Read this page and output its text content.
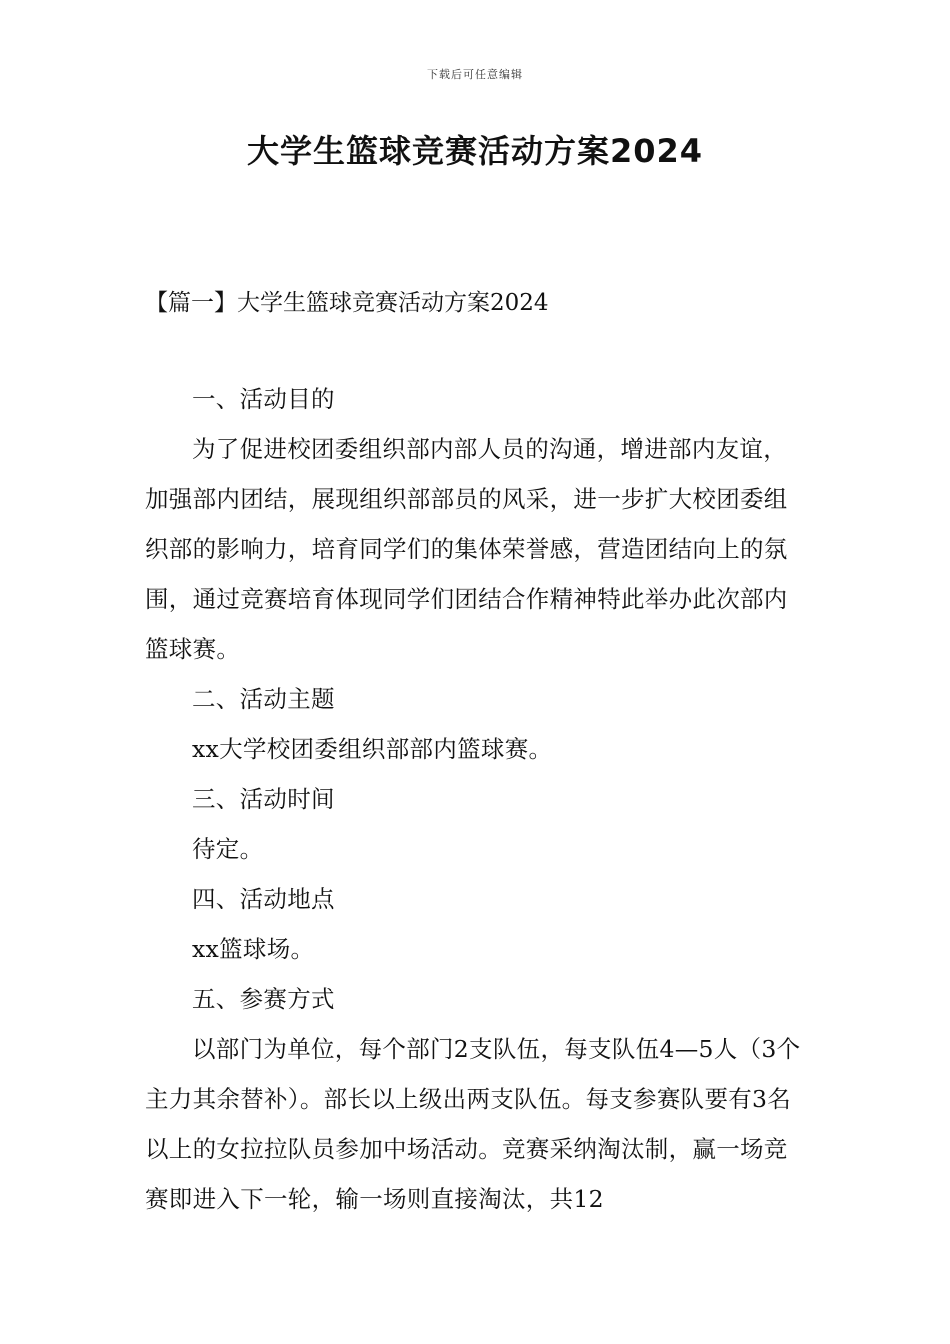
下载后可任意编辑
大学生篮球竞赛活动方案2024
【篇一】大学生篮球竞赛活动方案2024

一、活动目的

为了促进校团委组织部内部人员的沟通，增进部内友谊，加强部内团结，展现组织部部员的风采，进一步扩大校团委组织部的影响力，培育同学们的集体荣誉感，营造团结向上的氛围，通过竞赛培育体现同学们团结合作精神特此举办此次部内篮球赛。

二、活动主题

xx大学校团委组织部部内篮球赛。

三、活动时间

待定。

四、活动地点

xx篮球场。

五、参赛方式

以部门为单位，每个部门2支队伍，每支队伍4—5人（3个主力其余替补）。部长以上级出两支队伍。每支参赛队要有3名以上的女拉拉队员参加中场活动。竞赛采纳淘汰制，赢一场竞赛即进入下一轮，输一场则直接淘汰，共12
